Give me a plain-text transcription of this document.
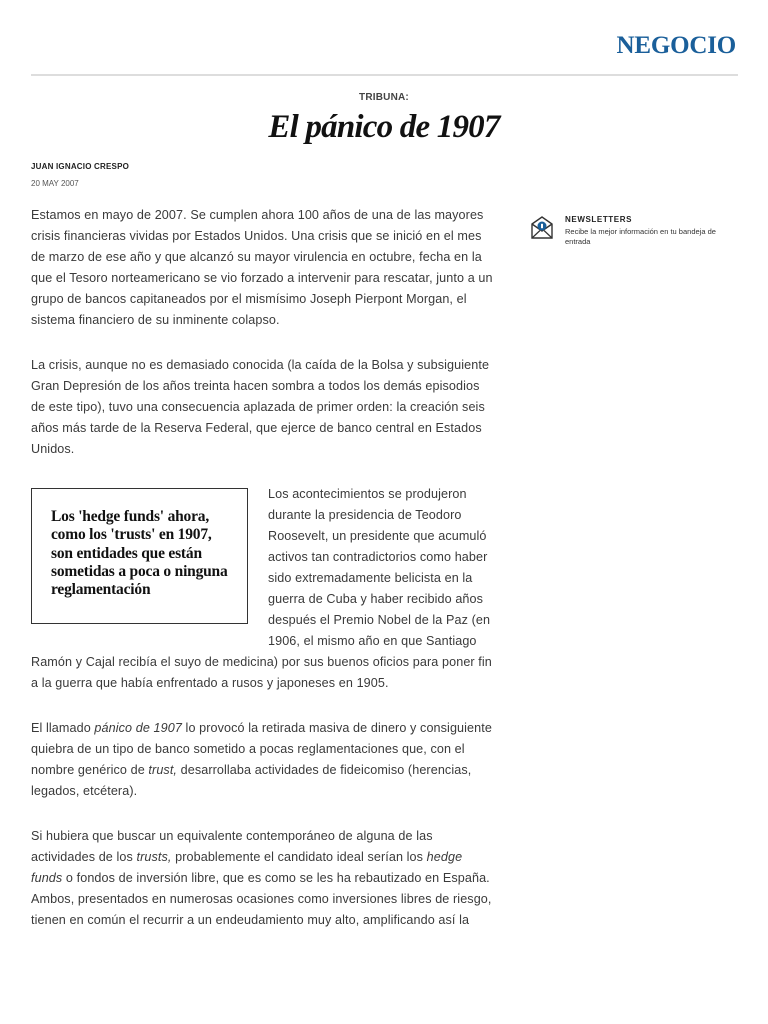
NEGOCIO
TRIBUNA:
El pánico de 1907
JUAN IGNACIO CRESPO
20 MAY 2007

Estamos en mayo de 2007. Se cumplen ahora 100 años de una de las mayores crisis financieras vividas por Estados Unidos. Una crisis que se inició en el mes de marzo de ese año y que alcanzó su mayor virulencia en octubre, fecha en la que el Tesoro norteamericano se vio forzado a intervenir para rescatar, junto a un grupo de bancos capitaneados por el mismísimo Joseph Pierpont Morgan, el sistema financiero de su inminente colapso.

La crisis, aunque no es demasiado conocida (la caída de la Bolsa y subsiguiente Gran Depresión de los años treinta hacen sombra a todos los demás episodios de este tipo), tuvo una consecuencia aplazada de primer orden: la creación seis años más tarde de la Reserva Federal, que ejerce de banco central en Estados Unidos.

Los 'hedge funds' ahora, como los 'trusts' en 1907, son entidades que están sometidas a poca o ninguna reglamentación

Los acontecimientos se produjeron durante la presidencia de Teodoro Roosevelt, un presidente que acumuló activos tan contradictorios como haber sido extremadamente belicista en la guerra de Cuba y haber recibido años después el Premio Nobel de la Paz (en 1906, el mismo año en que Santiago Ramón y Cajal recibía el suyo de medicina) por sus buenos oficios para poner fin a la guerra que había enfrentado a rusos y japoneses en 1905.

El llamado pánico de 1907 lo provocó la retirada masiva de dinero y consiguiente quiebra de un tipo de banco sometido a pocas reglamentaciones que, con el nombre genérico de trust, desarrollaba actividades de fideicomiso (herencias, legados, etcétera).

Si hubiera que buscar un equivalente contemporáneo de alguna de las actividades de los trusts, probablemente el candidato ideal serían los hedge funds o fondos de inversión libre, que es como se les ha rebautizado en España. Ambos, presentados en numerosas ocasiones como inversiones libres de riesgo, tienen en común el recurrir a un endeudamiento muy alto, amplificando así la

NEWSLETTERS
Recibe la mejor información en tu bandeja de entrada
